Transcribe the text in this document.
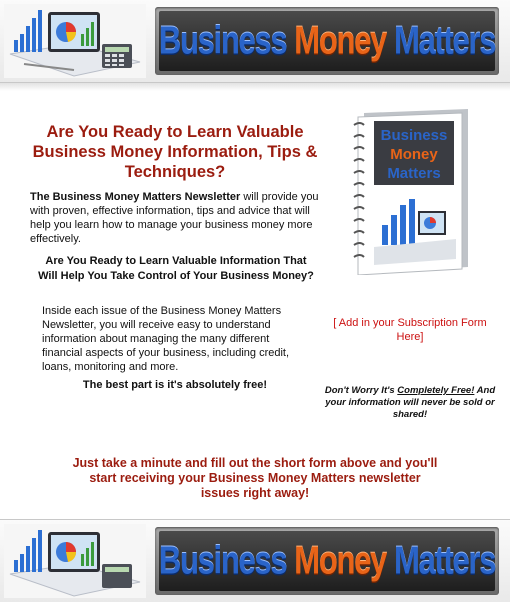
Business Money Matters
Are You Ready to Learn Valuable Business Money Information, Tips & Techniques?

The Business Money Matters Newsletter will provide you with proven, effective information, tips and advice that will help you learn how to manage your business money more effectively.

Are You Ready to Learn Valuable Information That Will Help You Take Control of Your Business Money?

Inside each issue of the Business Money Matters Newsletter, you will receive easy to understand information about managing the many different financial aspects of your business, including credit, loans, monitoring and more.

The best part is it's absolutely free!

Business
Money
Matters

[ Add in your Subscription Form Here]

Don't Worry It's Completely Free! And your information will never be sold or shared!

Just take a minute and fill out the short form above and you'll start receiving your Business Money Matters newsletter issues right away!

Business Money Matters
